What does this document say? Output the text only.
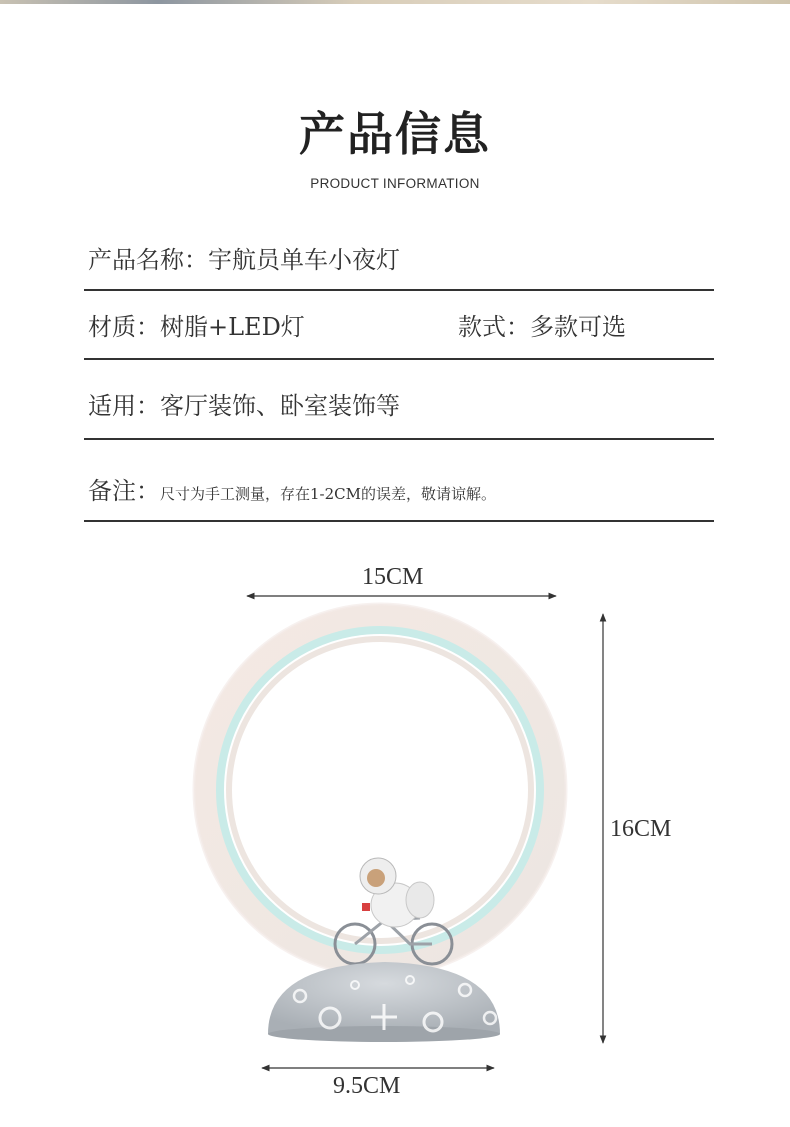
产品信息
PRODUCT INFORMATION
产品名称：宇航员单车小夜灯
材质：树脂+LED灯	款式：多款可选
适用：客厅装饰、卧室装饰等
备注：尺寸为手工测量，存在1-2CM的误差，敬请谅解。
15CM
16CM
9.5CM
